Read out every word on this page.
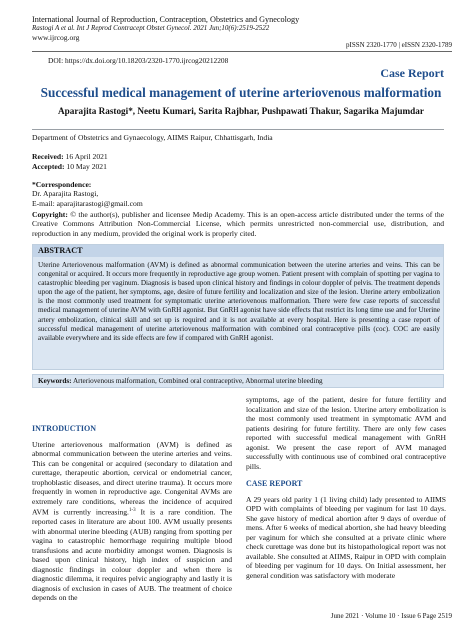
International Journal of Reproduction, Contraception, Obstetrics and Gynecology
Rastogi A et al. Int J Reprod Contracept Obstet Gynecol. 2021 Jun;10(6):2519-2522
www.ijrcog.org
pISSN 2320-1770 | eISSN 2320-1789
DOI: https://dx.doi.org/10.18203/2320-1770.ijrcog20212208
Case Report
Successful medical management of uterine arteriovenous malformation
Aparajita Rastogi*, Neetu Kumari, Sarita Rajbhar, Pushpawati Thakur, Sagarika Majumdar
Department of Obstetrics and Gynaecology, AIIMS Raipur, Chhattisgarh, India
Received: 16 April 2021
Accepted: 10 May 2021
*Correspondence:
Dr. Aparajita Rastogi,
E-mail: aparajitarastogi@gmail.com
Copyright: © the author(s), publisher and licensee Medip Academy. This is an open-access article distributed under the terms of the Creative Commons Attribution Non-Commercial License, which permits unrestricted non-commercial use, distribution, and reproduction in any medium, provided the original work is properly cited.
ABSTRACT
Uterine Arteriovenous malformation (AVM) is defined as abnormal communication between the uterine arteries and veins. This can be congenital or acquired. It occurs more frequently in reproductive age group women. Patient present with complain of spotting per vagina to catastrophic bleeding per vaginum. Diagnosis is based upon clinical history and findings in colour doppler of pelvis. The treatment depends upon the age of the patient, her symptoms, age, desire of future fertility and localization and size of the lesion. Uterine artery embolization is the most commonly used treatment for symptomatic uterine arteriovenous malformation. There were few case reports of successful medical management of uterine AVM with GnRH agonist. But GnRH agonist have side effects that restrict its long time use and for Uterine artery embolization, clinical skill and set up is required and it is not available at every hospital. Here is presenting a case report of successful medical management of uterine arteriovenous malformation with combined oral contraceptive pills (coc). COC are easily available everywhere and its side effects are few if compared with GnRH agonist.
Keywords: Arteriovenous malformation, Combined oral contraceptive, Abnormal uterine bleeding
INTRODUCTION

Uterine arteriovenous malformation (AVM) is defined as abnormal communication between the uterine arteries and veins. This can be congenital or acquired (secondary to dilatation and curettage, therapeutic abortion, cervical or endometrial cancer, trophoblastic diseases, and direct uterine trauma). It occurs more frequently in women in reproductive age. Congenital AVMs are extremely rare conditions, whereas the incidence of acquired AVM is currently increasing.$^{1-3}$ It is a rare condition. The reported cases in literature are about 100. AVM usually presents with abnormal uterine bleeding (AUB) ranging from spotting per vagina to catastrophic hemorrhage requiring multiple blood transfusions and acute morbidity amongst women. Diagnosis is based upon clinical history, high index of suspicion and diagnostic findings in colour doppler and when there is diagnostic dilemma, it requires pelvic angiography and lastly it is diagnosis of exclusion in cases of AUB. The treatment of choice depends on the

symptoms, age of the patient, desire for future fertility and localization and size of the lesion. Uterine artery embolization is the most commonly used treatment in symptomatic AVM and patients desiring for future fertility. There are only few cases reported with successful medical management with GnRH agonist. We present the case report of AVM managed successfully with continuous use of combined oral contraceptive pills.

CASE REPORT

A 29 years old parity 1 (1 living child) lady presented to AIIMS OPD with complaints of bleeding per vaginum for last 10 days. She gave history of medical abortion after 9 days of overdue of mens. After 6 weeks of medical abortion, she had heavy bleeding per vaginum for which she consulted at a private clinic where check curettage was done but its histopathological report was not available. She consulted at AIIMS, Raipur in OPD with complain of bleeding per vaginum for 10 days. On Initial assessment, her general condition was satisfactory with moderate

June 2021 · Volume 10 · Issue 6 Page 2519
